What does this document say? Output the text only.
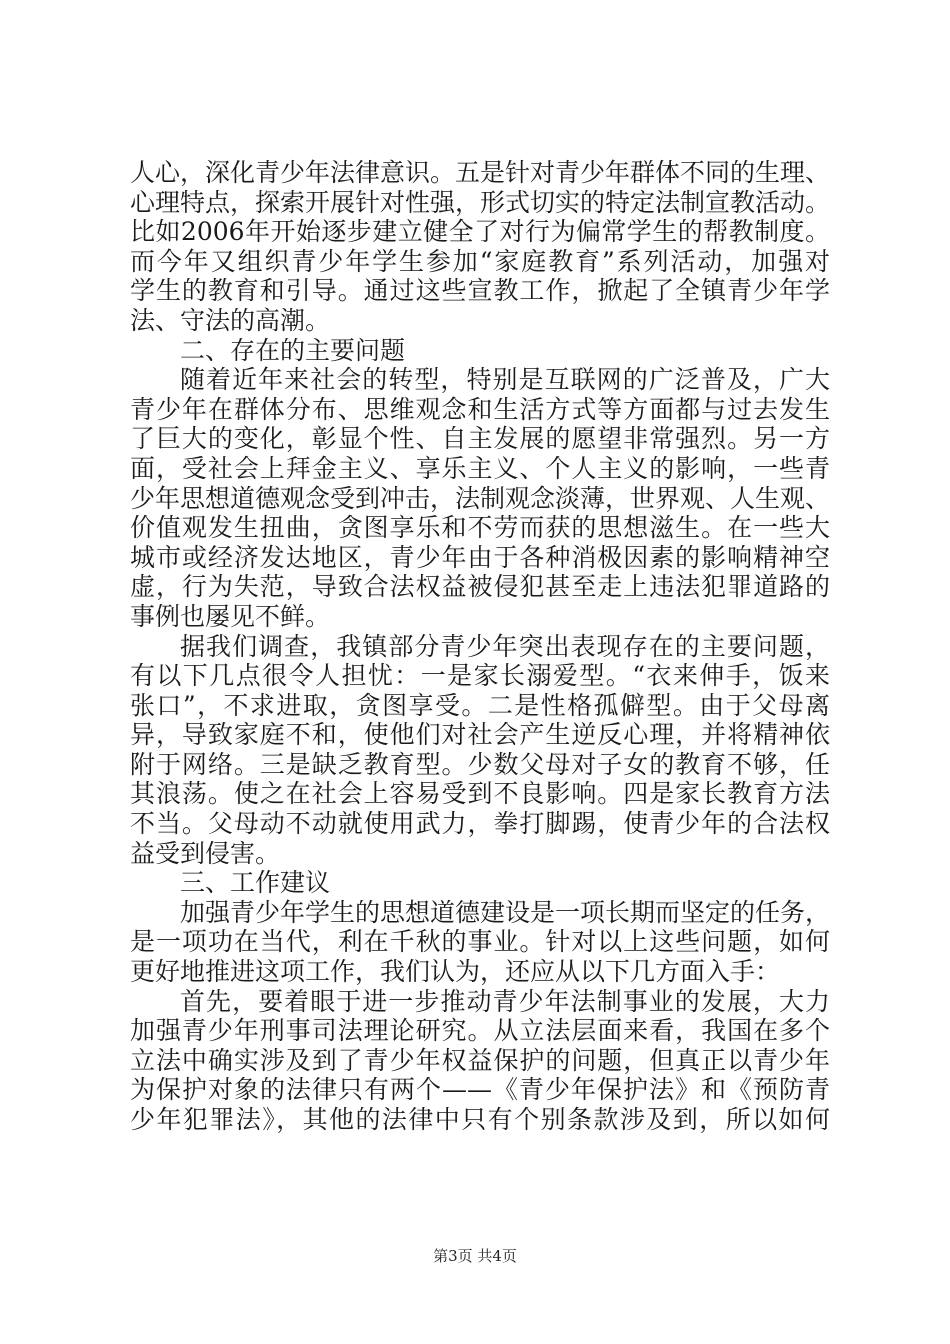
人心，深化青少年法律意识。五是针对青少年群体不同的生理、
心理特点，探索开展针对性强，形式切实的特定法制宣教活动。
比如2006年开始逐步建立健全了对行为偏常学生的帮教制度。
而今年又组织青少年学生参加“家庭教育”系列活动，加强对
学生的教育和引导。通过这些宣教工作，掀起了全镇青少年学
法、守法的高潮。
二、存在的主要问题
随着近年来社会的转型，特别是互联网的广泛普及，广大
青少年在群体分布、思维观念和生活方式等方面都与过去发生
了巨大的变化，彰显个性、自主发展的愿望非常强烈。另一方
面，受社会上拜金主义、享乐主义、个人主义的影响，一些青
少年思想道德观念受到冲击，法制观念淡薄，世界观、人生观、
价值观发生扭曲，贪图享乐和不劳而获的思想滋生。在一些大
城市或经济发达地区，青少年由于各种消极因素的影响精神空
虚，行为失范，导致合法权益被侵犯甚至走上违法犯罪道路的
事例也屡见不鲜。
据我们调查，我镇部分青少年突出表现存在的主要问题，
有以下几点很令人担忧：一是家长溺爱型。“衣来伸手，饭来
张口”，不求进取，贪图享受。二是性格孤僻型。由于父母离
异，导致家庭不和，使他们对社会产生逆反心理，并将精神依
附于网络。三是缺乏教育型。少数父母对子女的教育不够，任
其浪荡。使之在社会上容易受到不良影响。四是家长教育方法
不当。父母动不动就使用武力，拳打脚踢，使青少年的合法权
益受到侵害。
三、工作建议
加强青少年学生的思想道德建设是一项长期而坚定的任务，
是一项功在当代，利在千秋的事业。针对以上这些问题，如何
更好地推进这项工作，我们认为，还应从以下几方面入手：
首先，要着眼于进一步推动青少年法制事业的发展，大力
加强青少年刑事司法理论研究。从立法层面来看，我国在多个
立法中确实涉及到了青少年权益保护的问题，但真正以青少年
为保护对象的法律只有两个——《青少年保护法》和《预防青
少年犯罪法》，其他的法律中只有个别条款涉及到，所以如何
第3页 共4页
